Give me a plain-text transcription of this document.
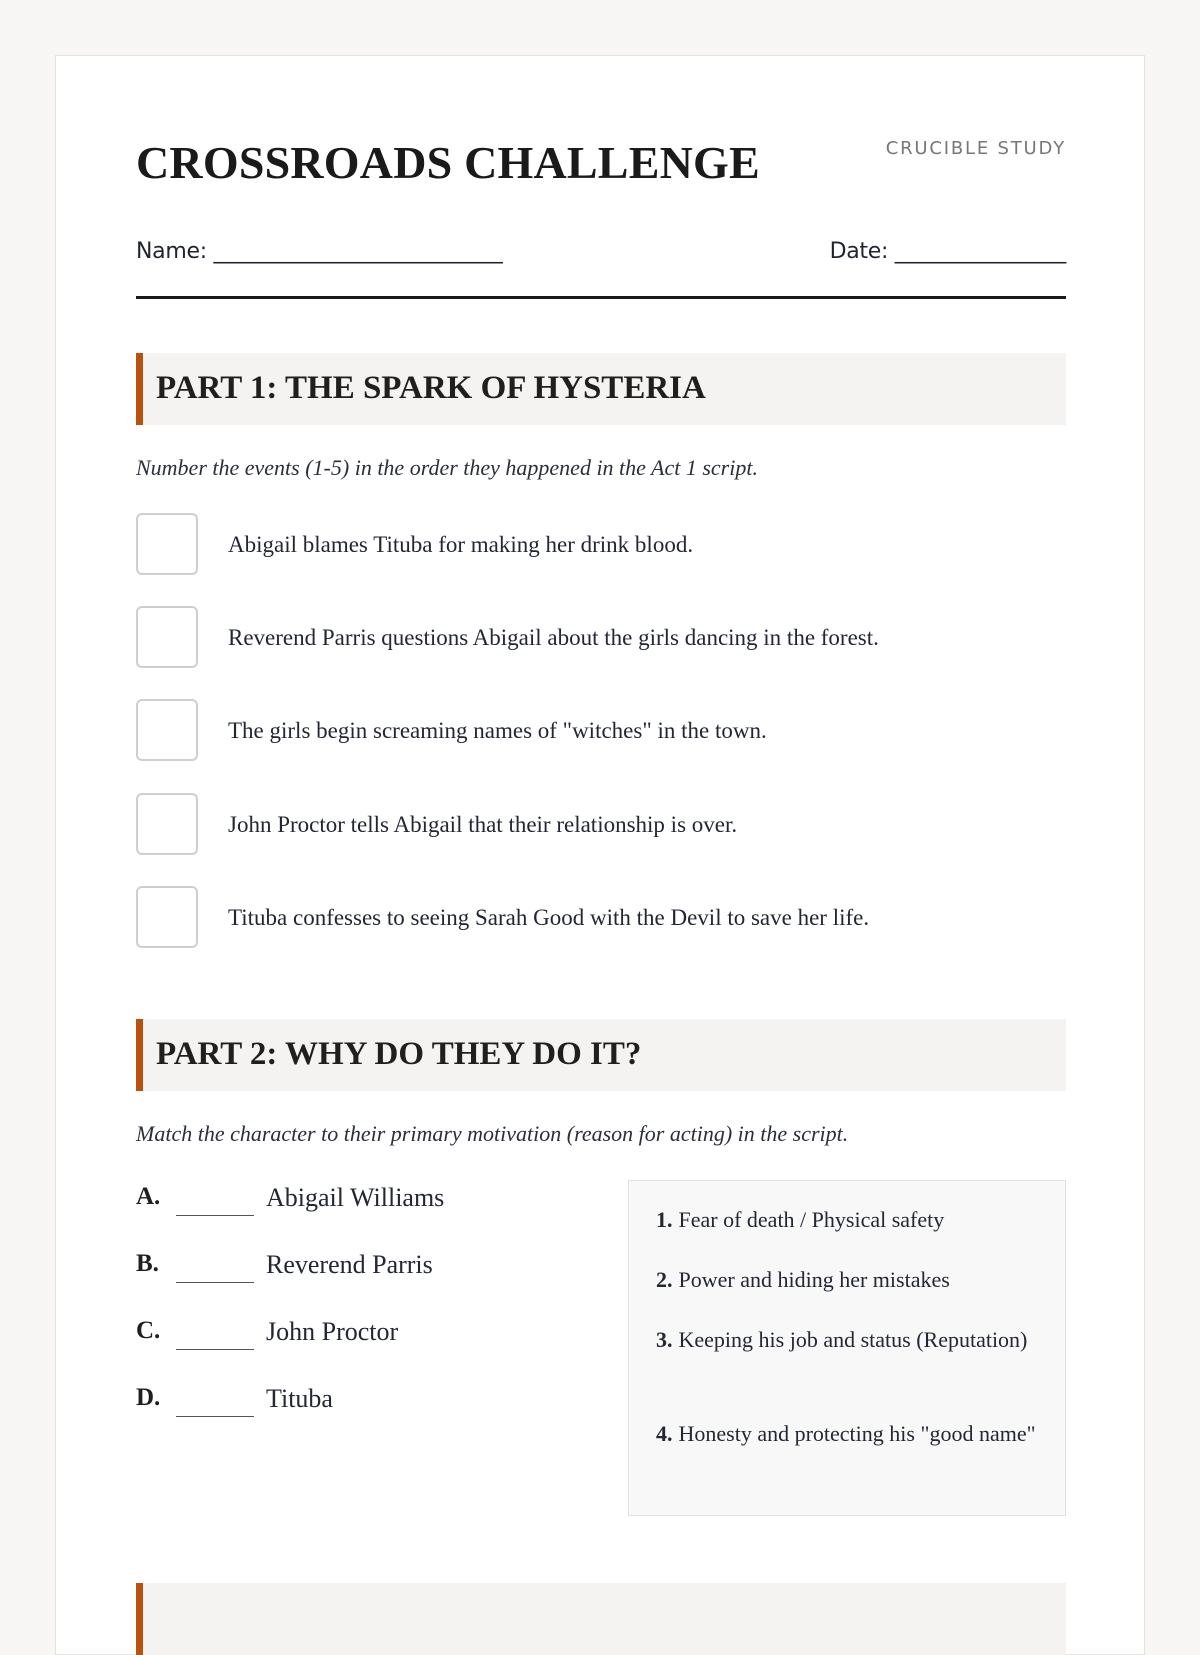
CROSSROADS CHALLENGE	CRUCIBLE STUDY
Name: ___________________________	Date: ________________
PART 1: THE SPARK OF HYSTERIA
Number the events (1-5) in the order they happened in the Act 1 script.
Abigail blames Tituba for making her drink blood.
Reverend Parris questions Abigail about the girls dancing in the forest.
The girls begin screaming names of "witches" in the town.
John Proctor tells Abigail that their relationship is over.
Tituba confesses to seeing Sarah Good with the Devil to save her life.
PART 2: WHY DO THEY DO IT?
Match the character to their primary motivation (reason for acting) in the script.
A.	Abigail Williams
B.	Reverend Parris
C.	John Proctor
D.	Tituba
1. Fear of death / Physical safety
2. Power and hiding her mistakes
3. Keeping his job and status (Reputation)
4. Honesty and protecting his "good name"
